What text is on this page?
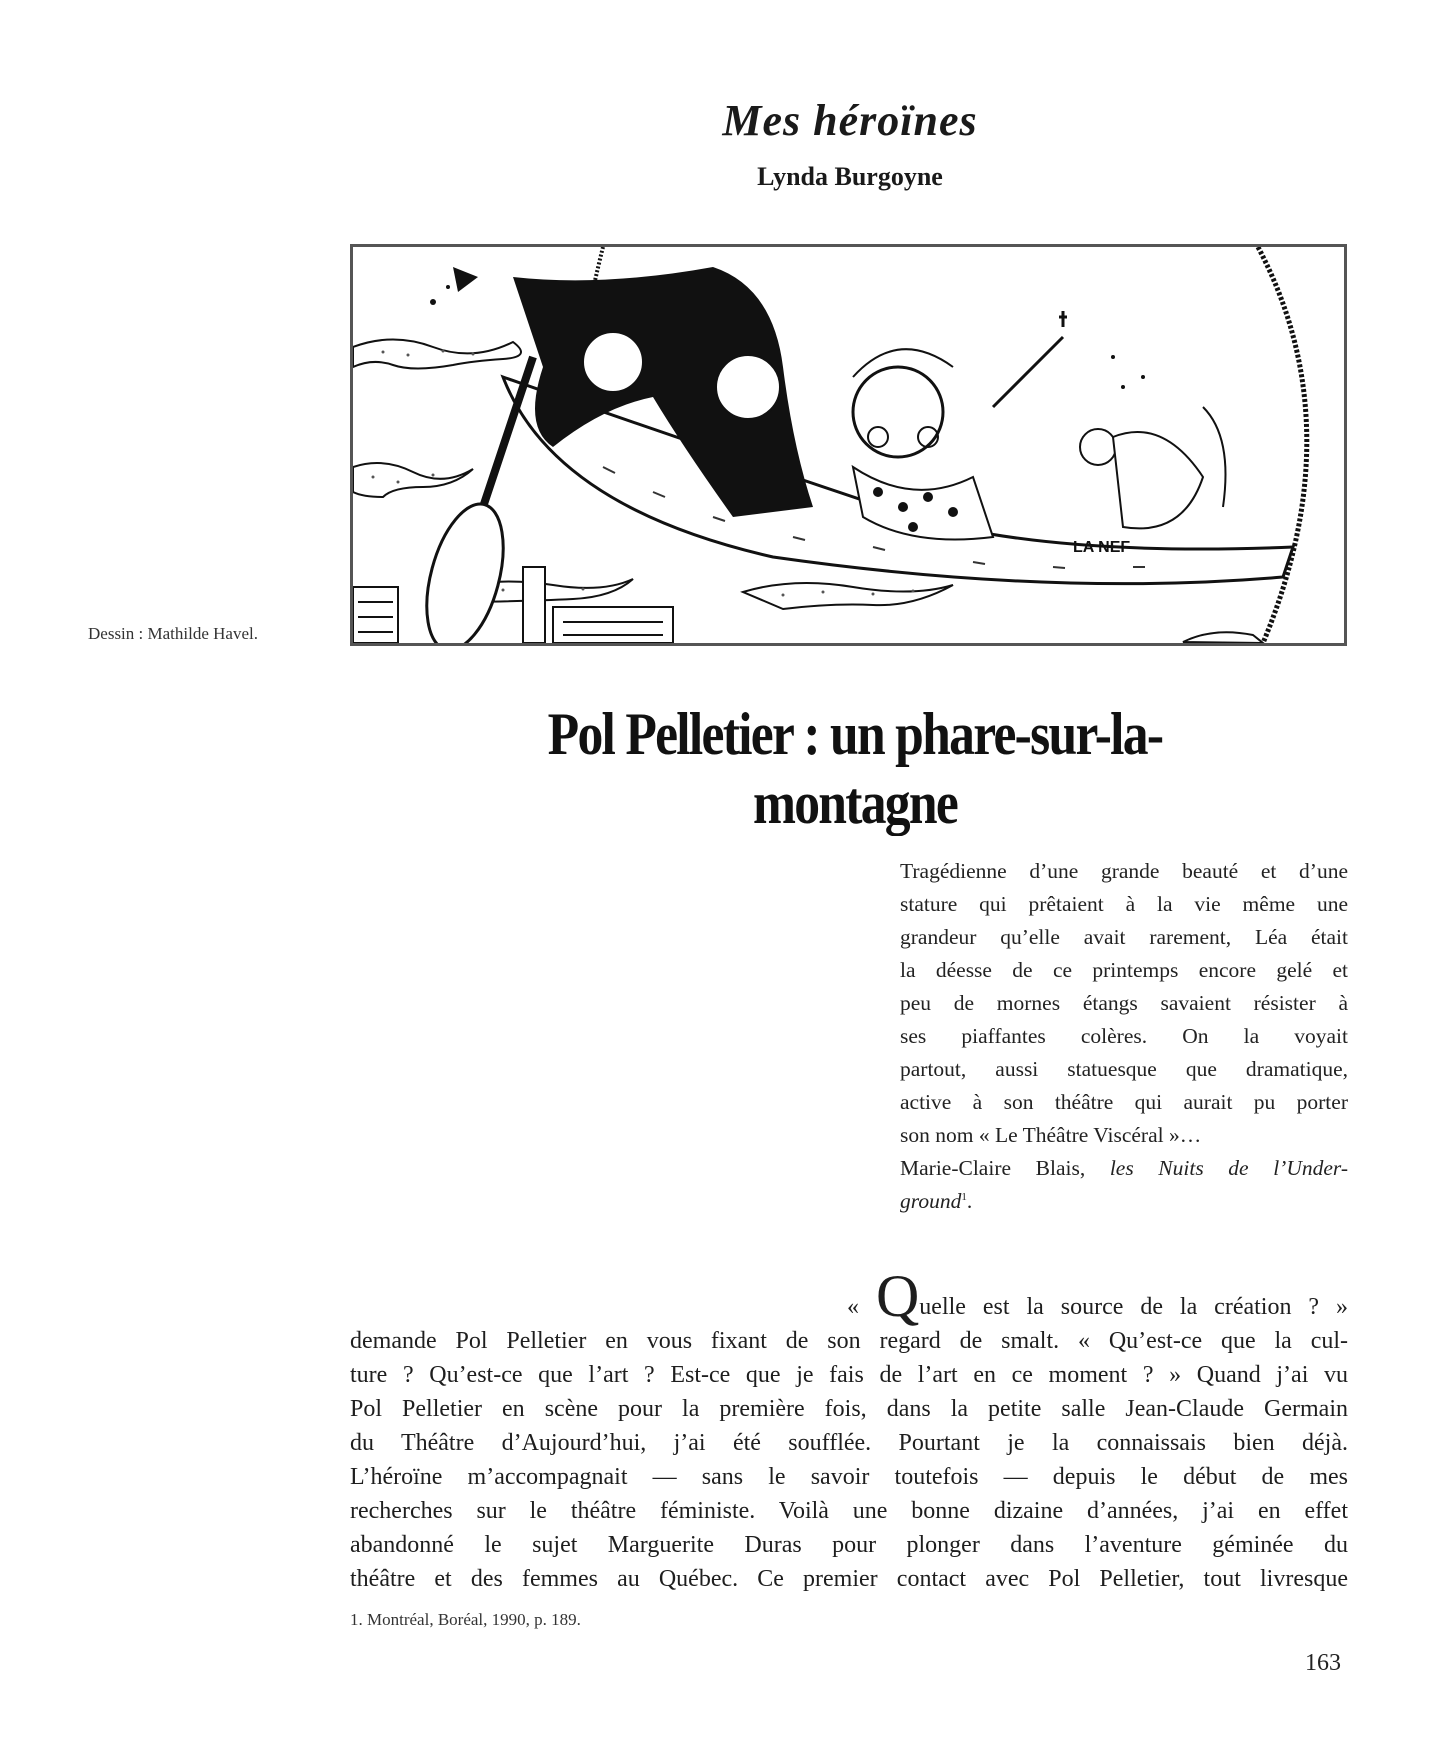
Mes héroïnes
Lynda Burgoyne
LA NEF
Dessin : Mathilde Havel.
Pol Pelletier : un phare-sur-la-montagne
Tragédienne d’une grande beauté et d’une
stature qui prêtaient à la vie même une
grandeur qu’elle avait rarement, Léa était
la déesse de ce printemps encore gelé et
peu de mornes étangs savaient résister à
ses piaffantes colères. On la voyait
partout, aussi statuesque que dramatique,
active à son théâtre qui aurait pu porter
son nom « Le Théâtre Viscéral »…
Marie-Claire Blais, les Nuits de l’Under-
ground$^1$.
« Quelle est la source de la création ? »
demande Pol Pelletier en vous fixant de son regard de smalt. « Qu’est-ce que la cul-
ture ? Qu’est-ce que l’art ? Est-ce que je fais de l’art en ce moment ? » Quand j’ai vu
Pol Pelletier en scène pour la première fois, dans la petite salle Jean-Claude Germain
du Théâtre d’Aujourd’hui, j’ai été soufflée. Pourtant je la connaissais bien déjà.
L’héroïne m’accompagnait — sans le savoir toutefois — depuis le début de mes
recherches sur le théâtre féministe. Voilà une bonne dizaine d’années, j’ai en effet
abandonné le sujet Marguerite Duras pour plonger dans l’aventure géminée du
théâtre et des femmes au Québec. Ce premier contact avec Pol Pelletier, tout livresque
1. Montréal, Boréal, 1990, p. 189.
163
